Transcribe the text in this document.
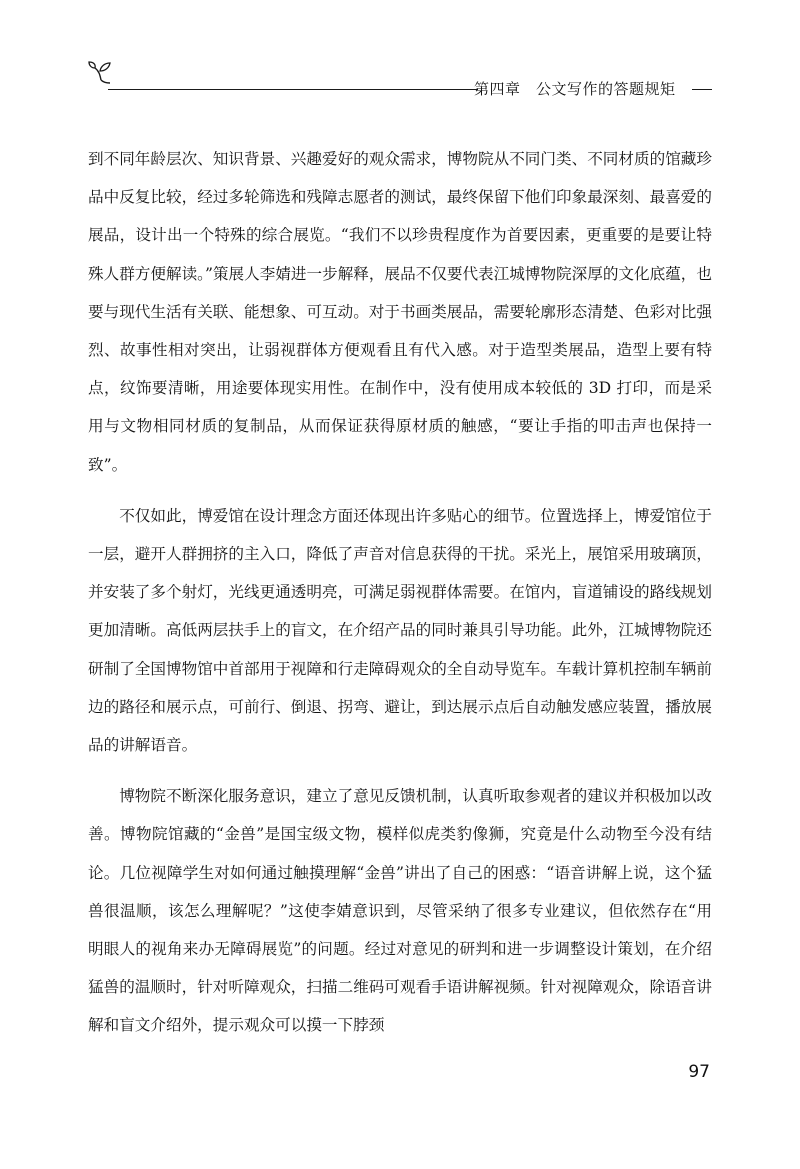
第四章　公文写作的答题规矩

到不同年龄层次、知识背景、兴趣爱好的观众需求，博物院从不同门类、不同材质的馆藏珍品中反复比较，经过多轮筛选和残障志愿者的测试，最终保留下他们印象最深刻、最喜爱的展品，设计出一个特殊的综合展览。“我们不以珍贵程度作为首要因素，更重要的是要让特殊人群方便解读。”策展人李婧进一步解释，展品不仅要代表江城博物院深厚的文化底蕴，也要与现代生活有关联、能想象、可互动。对于书画类展品，需要轮廓形态清楚、色彩对比强烈、故事性相对突出，让弱视群体方便观看且有代入感。对于造型类展品，造型上要有特点，纹饰要清晰，用途要体现实用性。在制作中，没有使用成本较低的 3D 打印，而是采用与文物相同材质的复制品，从而保证获得原材质的触感，“要让手指的叩击声也保持一致”。

不仅如此，博爱馆在设计理念方面还体现出许多贴心的细节。位置选择上，博爱馆位于一层，避开人群拥挤的主入口，降低了声音对信息获得的干扰。采光上，展馆采用玻璃顶，并安装了多个射灯，光线更通透明亮，可满足弱视群体需要。在馆内，盲道铺设的路线规划更加清晰。高低两层扶手上的盲文，在介绍产品的同时兼具引导功能。此外，江城博物院还研制了全国博物馆中首部用于视障和行走障碍观众的全自动导览车。车载计算机控制车辆前边的路径和展示点，可前行、倒退、拐弯、避让，到达展示点后自动触发感应装置，播放展品的讲解语音。

博物院不断深化服务意识，建立了意见反馈机制，认真听取参观者的建议并积极加以改善。博物院馆藏的“金兽”是国宝级文物，模样似虎类豹像狮，究竟是什么动物至今没有结论。几位视障学生对如何通过触摸理解“金兽”讲出了自己的困惑：“语音讲解上说，这个猛兽很温顺，该怎么理解呢？”这使李婧意识到，尽管采纳了很多专业建议，但依然存在“用明眼人的视角来办无障碍展览”的问题。经过对意见的研判和进一步调整设计策划，在介绍猛兽的温顺时，针对听障观众，扫描二维码可观看手语讲解视频。针对视障观众，除语音讲解和盲文介绍外，提示观众可以摸一下脖颈

97
